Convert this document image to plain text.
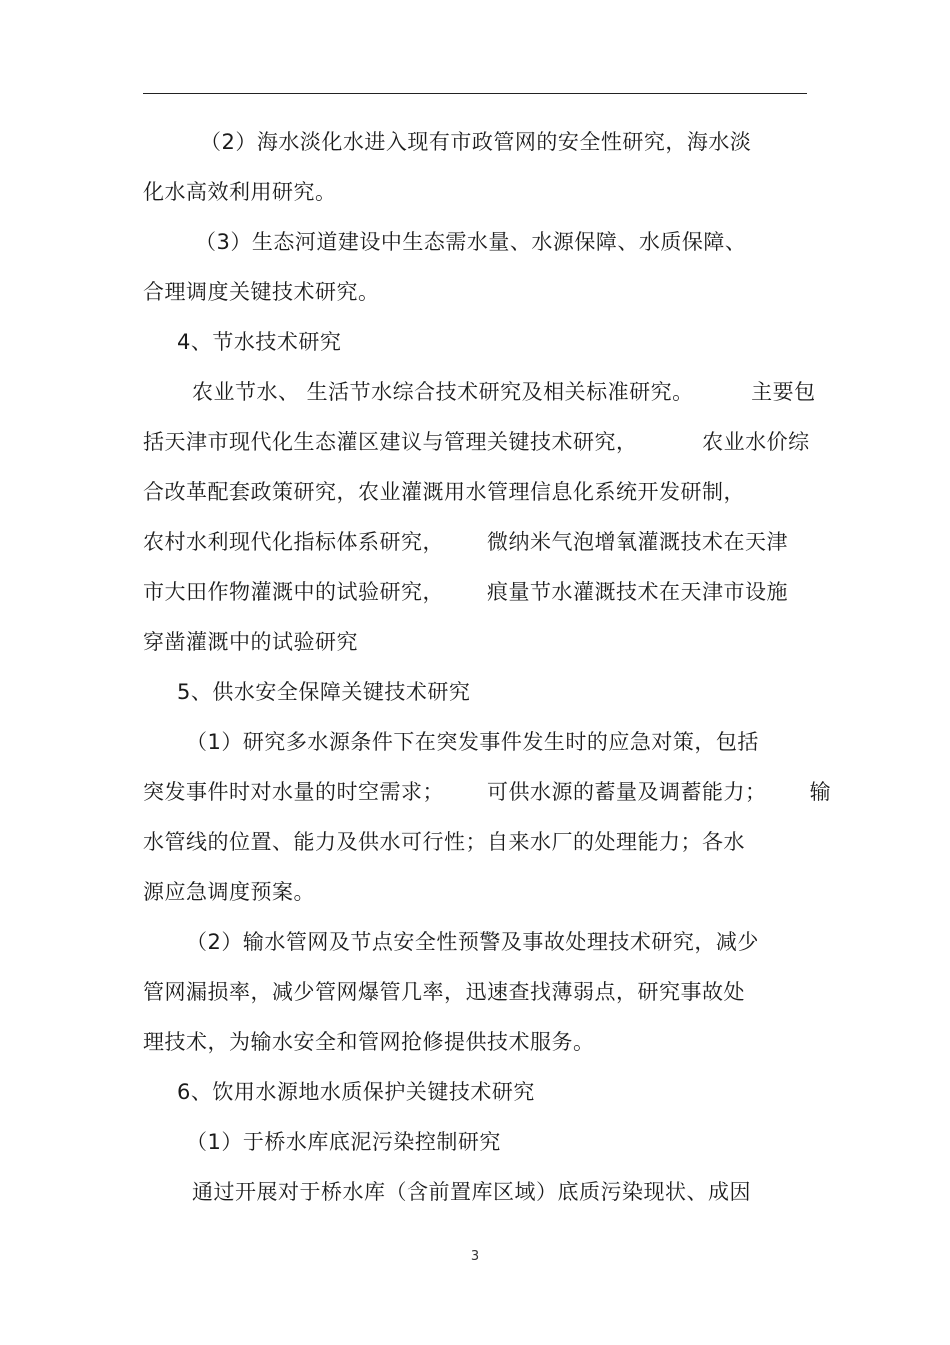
（2）海水淡化水进入现有市政管网的安全性研究，海水淡
化水高效利用研究。
（3）生态河道建设中生态需水量、水源保障、水质保障、
合理调度关键技术研究。
4、节水技术研究
农业节水、 生活节水综合技术研究及相关标准研究。        主要包
括天津市现代化生态灌区建议与管理关键技术研究，         农业水价综
合改革配套政策研究，农业灌溉用水管理信息化系统开发研制，
农村水利现代化指标体系研究，      微纳米气泡增氧灌溉技术在天津
市大田作物灌溉中的试验研究，      痕量节水灌溉技术在天津市设施
穿凿灌溉中的试验研究
5、供水安全保障关键技术研究
（1）研究多水源条件下在突发事件发生时的应急对策，包括
突发事件时对水量的时空需求；      可供水源的蓄量及调蓄能力；      输
水管线的位置、能力及供水可行性；自来水厂的处理能力；各水
源应急调度预案。
（2）输水管网及节点安全性预警及事故处理技术研究，减少
管网漏损率，减少管网爆管几率，迅速查找薄弱点，研究事故处
理技术，为输水安全和管网抢修提供技术服务。
6、饮用水源地水质保护关键技术研究
（1）于桥水库底泥污染控制研究
通过开展对于桥水库（含前置库区域）底质污染现状、成因
3
